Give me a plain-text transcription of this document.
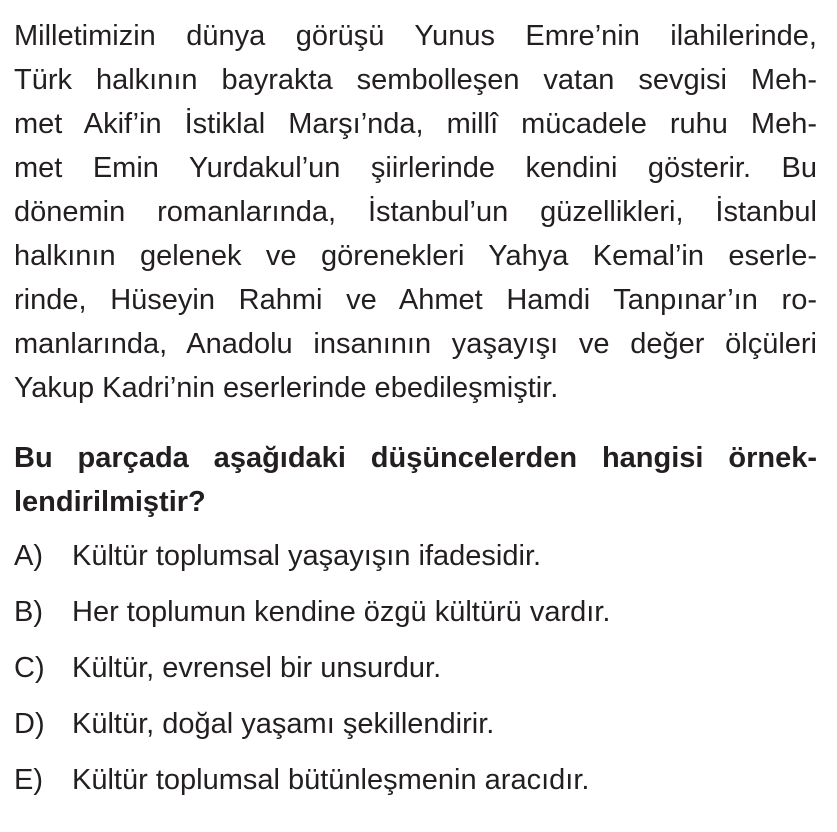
Milletimizin dünya görüşü Yunus Emre’nin ilahilerinde,
Türk halkının bayrakta sembolleşen vatan sevgisi Meh-
met Akif’in İstiklal Marşı’nda, millî mücadele ruhu Meh-
met Emin Yurdakul’un şiirlerinde kendini gösterir. Bu
dönemin romanlarında, İstanbul’un güzellikleri, İstanbul
halkının gelenek ve görenekleri Yahya Kemal’in eserle-
rinde, Hüseyin Rahmi ve Ahmet Hamdi Tanpınar’ın ro-
manlarında, Anadolu insanının yaşayışı ve değer ölçüleri
Yakup Kadri’nin eserlerinde ebedileşmiştir.
Bu parçada aşağıdaki düşüncelerden hangisi örnek-
lendirilmiştir?
A)	Kültür toplumsal yaşayışın ifadesidir.
B)	Her toplumun kendine özgü kültürü vardır.
C) Kültür, evrensel bir unsurdur.
D) Kültür, doğal yaşamı şekillendirir.
E)	Kültür toplumsal bütünleşmenin aracıdır.
